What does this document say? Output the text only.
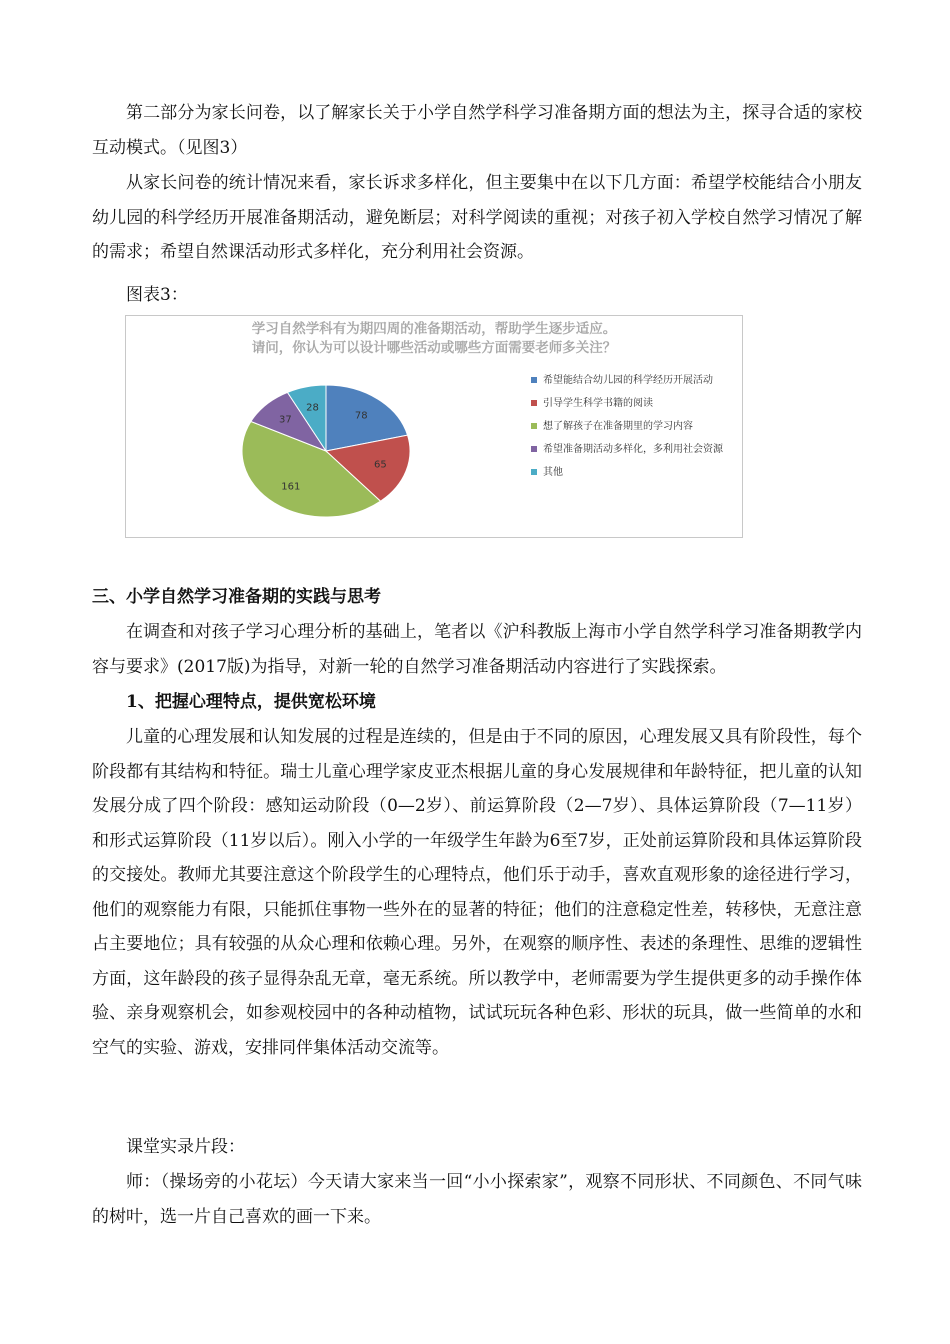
第二部分为家长问卷，以了解家长关于小学自然学科学习准备期方面的想法为主，探寻合适的家校互动模式。（见图3）

从家长问卷的统计情况来看，家长诉求多样化，但主要集中在以下几方面：希望学校能结合小朋友幼儿园的科学经历开展准备期活动，避免断层；对科学阅读的重视；对孩子初入学校自然学习情况了解的需求；希望自然课活动形式多样化，充分利用社会资源。

图表3：

学习自然学科有为期四周的准备期活动，帮助学生逐步适应。
请问，你认为可以设计哪些活动或哪些方面需要老师多关注？
78
65
161
37
28
希望能结合幼儿园的科学经历开展活动
引导学生科学书籍的阅读
想了解孩子在准备期里的学习内容
希望准备期活动多样化，多利用社会资源
其他

三、小学自然学习准备期的实践与思考

在调查和对孩子学习心理分析的基础上，笔者以《沪科教版上海市小学自然学科学习准备期教学内容与要求》(2017版)为指导，对新一轮的自然学习准备期活动内容进行了实践探索。

1、把握心理特点，提供宽松环境

儿童的心理发展和认知发展的过程是连续的，但是由于不同的原因，心理发展又具有阶段性，每个阶段都有其结构和特征。瑞士儿童心理学家皮亚杰根据儿童的身心发展规律和年龄特征，把儿童的认知发展分成了四个阶段：感知运动阶段（0—2岁）、前运算阶段（2—7岁）、具体运算阶段（7—11岁）和形式运算阶段（11岁以后）。刚入小学的一年级学生年龄为6至7岁，正处前运算阶段和具体运算阶段的交接处。教师尤其要注意这个阶段学生的心理特点，他们乐于动手，喜欢直观形象的途径进行学习，他们的观察能力有限，只能抓住事物一些外在的显著的特征；他们的注意稳定性差，转移快，无意注意占主要地位；具有较强的从众心理和依赖心理。另外，在观察的顺序性、表述的条理性、思维的逻辑性方面，这年龄段的孩子显得杂乱无章，毫无系统。所以教学中，老师需要为学生提供更多的动手操作体验、亲身观察机会，如参观校园中的各种动植物，试试玩玩各种色彩、形状的玩具，做一些简单的水和空气的实验、游戏，安排同伴集体活动交流等。

课堂实录片段：

师：（操场旁的小花坛）今天请大家来当一回“小小探索家”，观察不同形状、不同颜色、不同气味的树叶，选一片自己喜欢的画一下来。
